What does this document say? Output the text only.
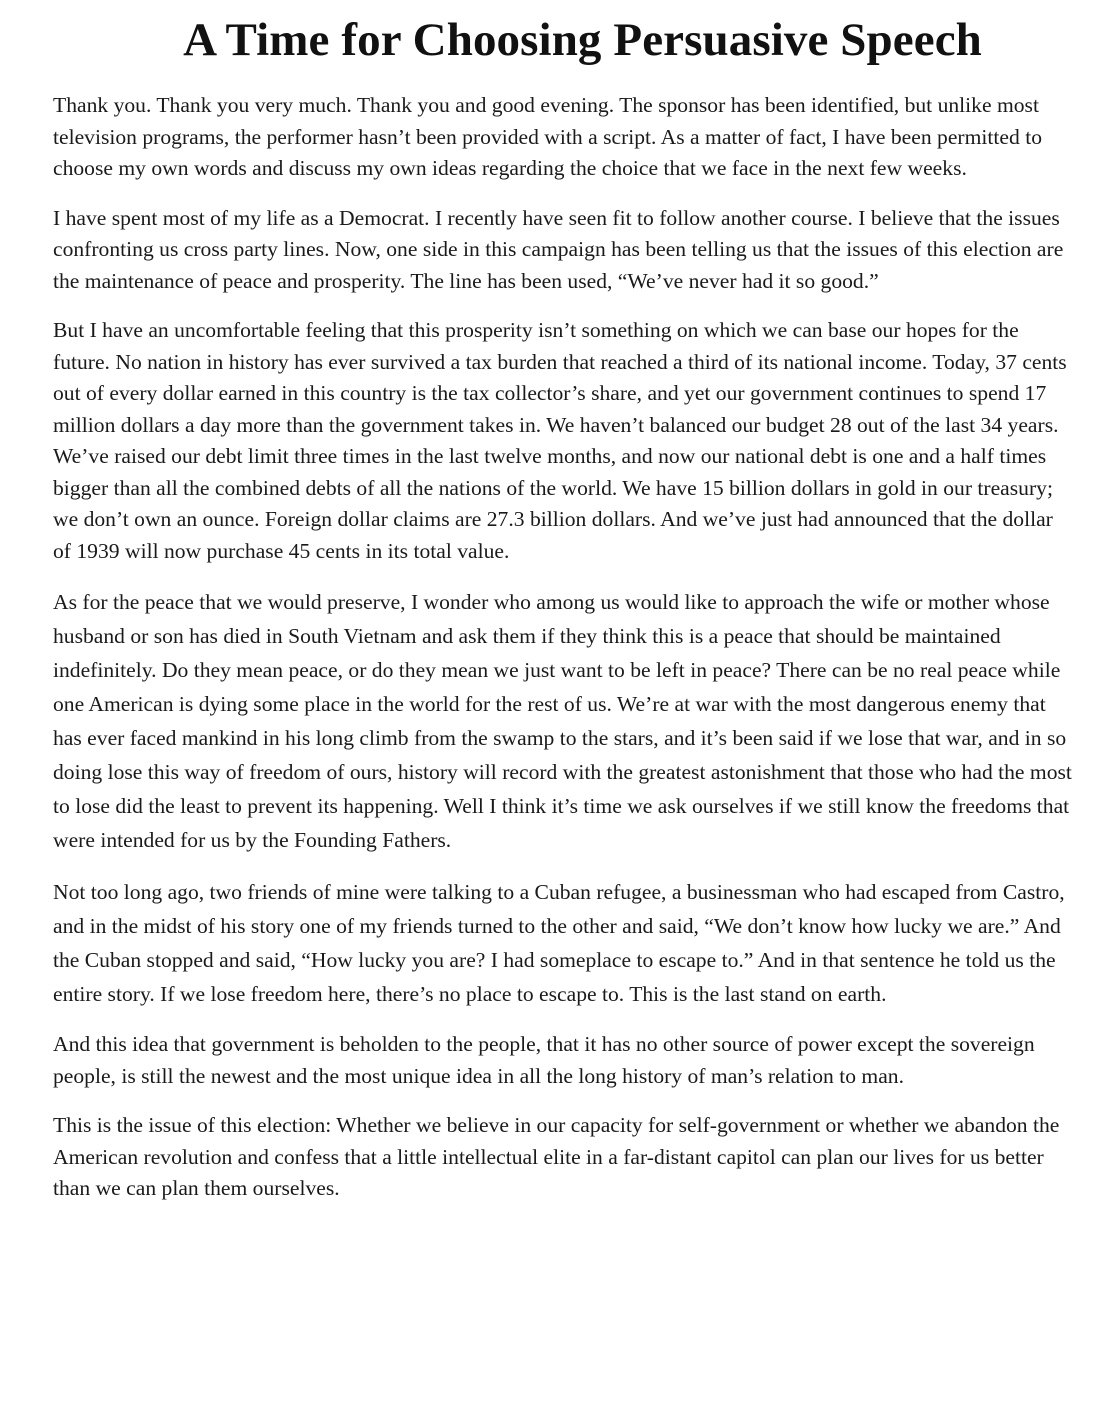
A Time for Choosing Persuasive Speech

Thank you. Thank you very much. Thank you and good evening. The sponsor has been identified, but unlike most television programs, the performer hasn’t been provided with a script. As a matter of fact, I have been permitted to choose my own words and discuss my own ideas regarding the choice that we face in the next few weeks.

I have spent most of my life as a Democrat. I recently have seen fit to follow another course. I believe that the issues confronting us cross party lines. Now, one side in this campaign has been telling us that the issues of this election are the maintenance of peace and prosperity. The line has been used, “We’ve never had it so good.”

But I have an uncomfortable feeling that this prosperity isn’t something on which we can base our hopes for the future. No nation in history has ever survived a tax burden that reached a third of its national income. Today, 37 cents out of every dollar earned in this country is the tax collector’s share, and yet our government continues to spend 17 million dollars a day more than the government takes in. We haven’t balanced our budget 28 out of the last 34 years. We’ve raised our debt limit three times in the last twelve months, and now our national debt is one and a half times bigger than all the combined debts of all the nations of the world. We have 15 billion dollars in gold in our treasury; we don’t own an ounce. Foreign dollar claims are 27.3 billion dollars. And we’ve just had announced that the dollar of 1939 will now purchase 45 cents in its total value.

As for the peace that we would preserve, I wonder who among us would like to approach the wife or mother whose husband or son has died in South Vietnam and ask them if they think this is a peace that should be maintained indefinitely. Do they mean peace, or do they mean we just want to be left in peace? There can be no real peace while one American is dying some place in the world for the rest of us. We’re at war with the most dangerous enemy that has ever faced mankind in his long climb from the swamp to the stars, and it’s been said if we lose that war, and in so doing lose this way of freedom of ours, history will record with the greatest astonishment that those who had the most to lose did the least to prevent its happening. Well I think it’s time we ask ourselves if we still know the freedoms that were intended for us by the Founding Fathers.

Not too long ago, two friends of mine were talking to a Cuban refugee, a businessman who had escaped from Castro, and in the midst of his story one of my friends turned to the other and said, “We don’t know how lucky we are.” And the Cuban stopped and said, “How lucky you are? I had someplace to escape to.” And in that sentence he told us the entire story. If we lose freedom here, there’s no place to escape to. This is the last stand on earth.

And this idea that government is beholden to the people, that it has no other source of power except the sovereign people, is still the newest and the most unique idea in all the long history of man’s relation to man.

This is the issue of this election: Whether we believe in our capacity for self-government or whether we abandon the American revolution and confess that a little intellectual elite in a far-distant capitol can plan our lives for us better than we can plan them ourselves.
